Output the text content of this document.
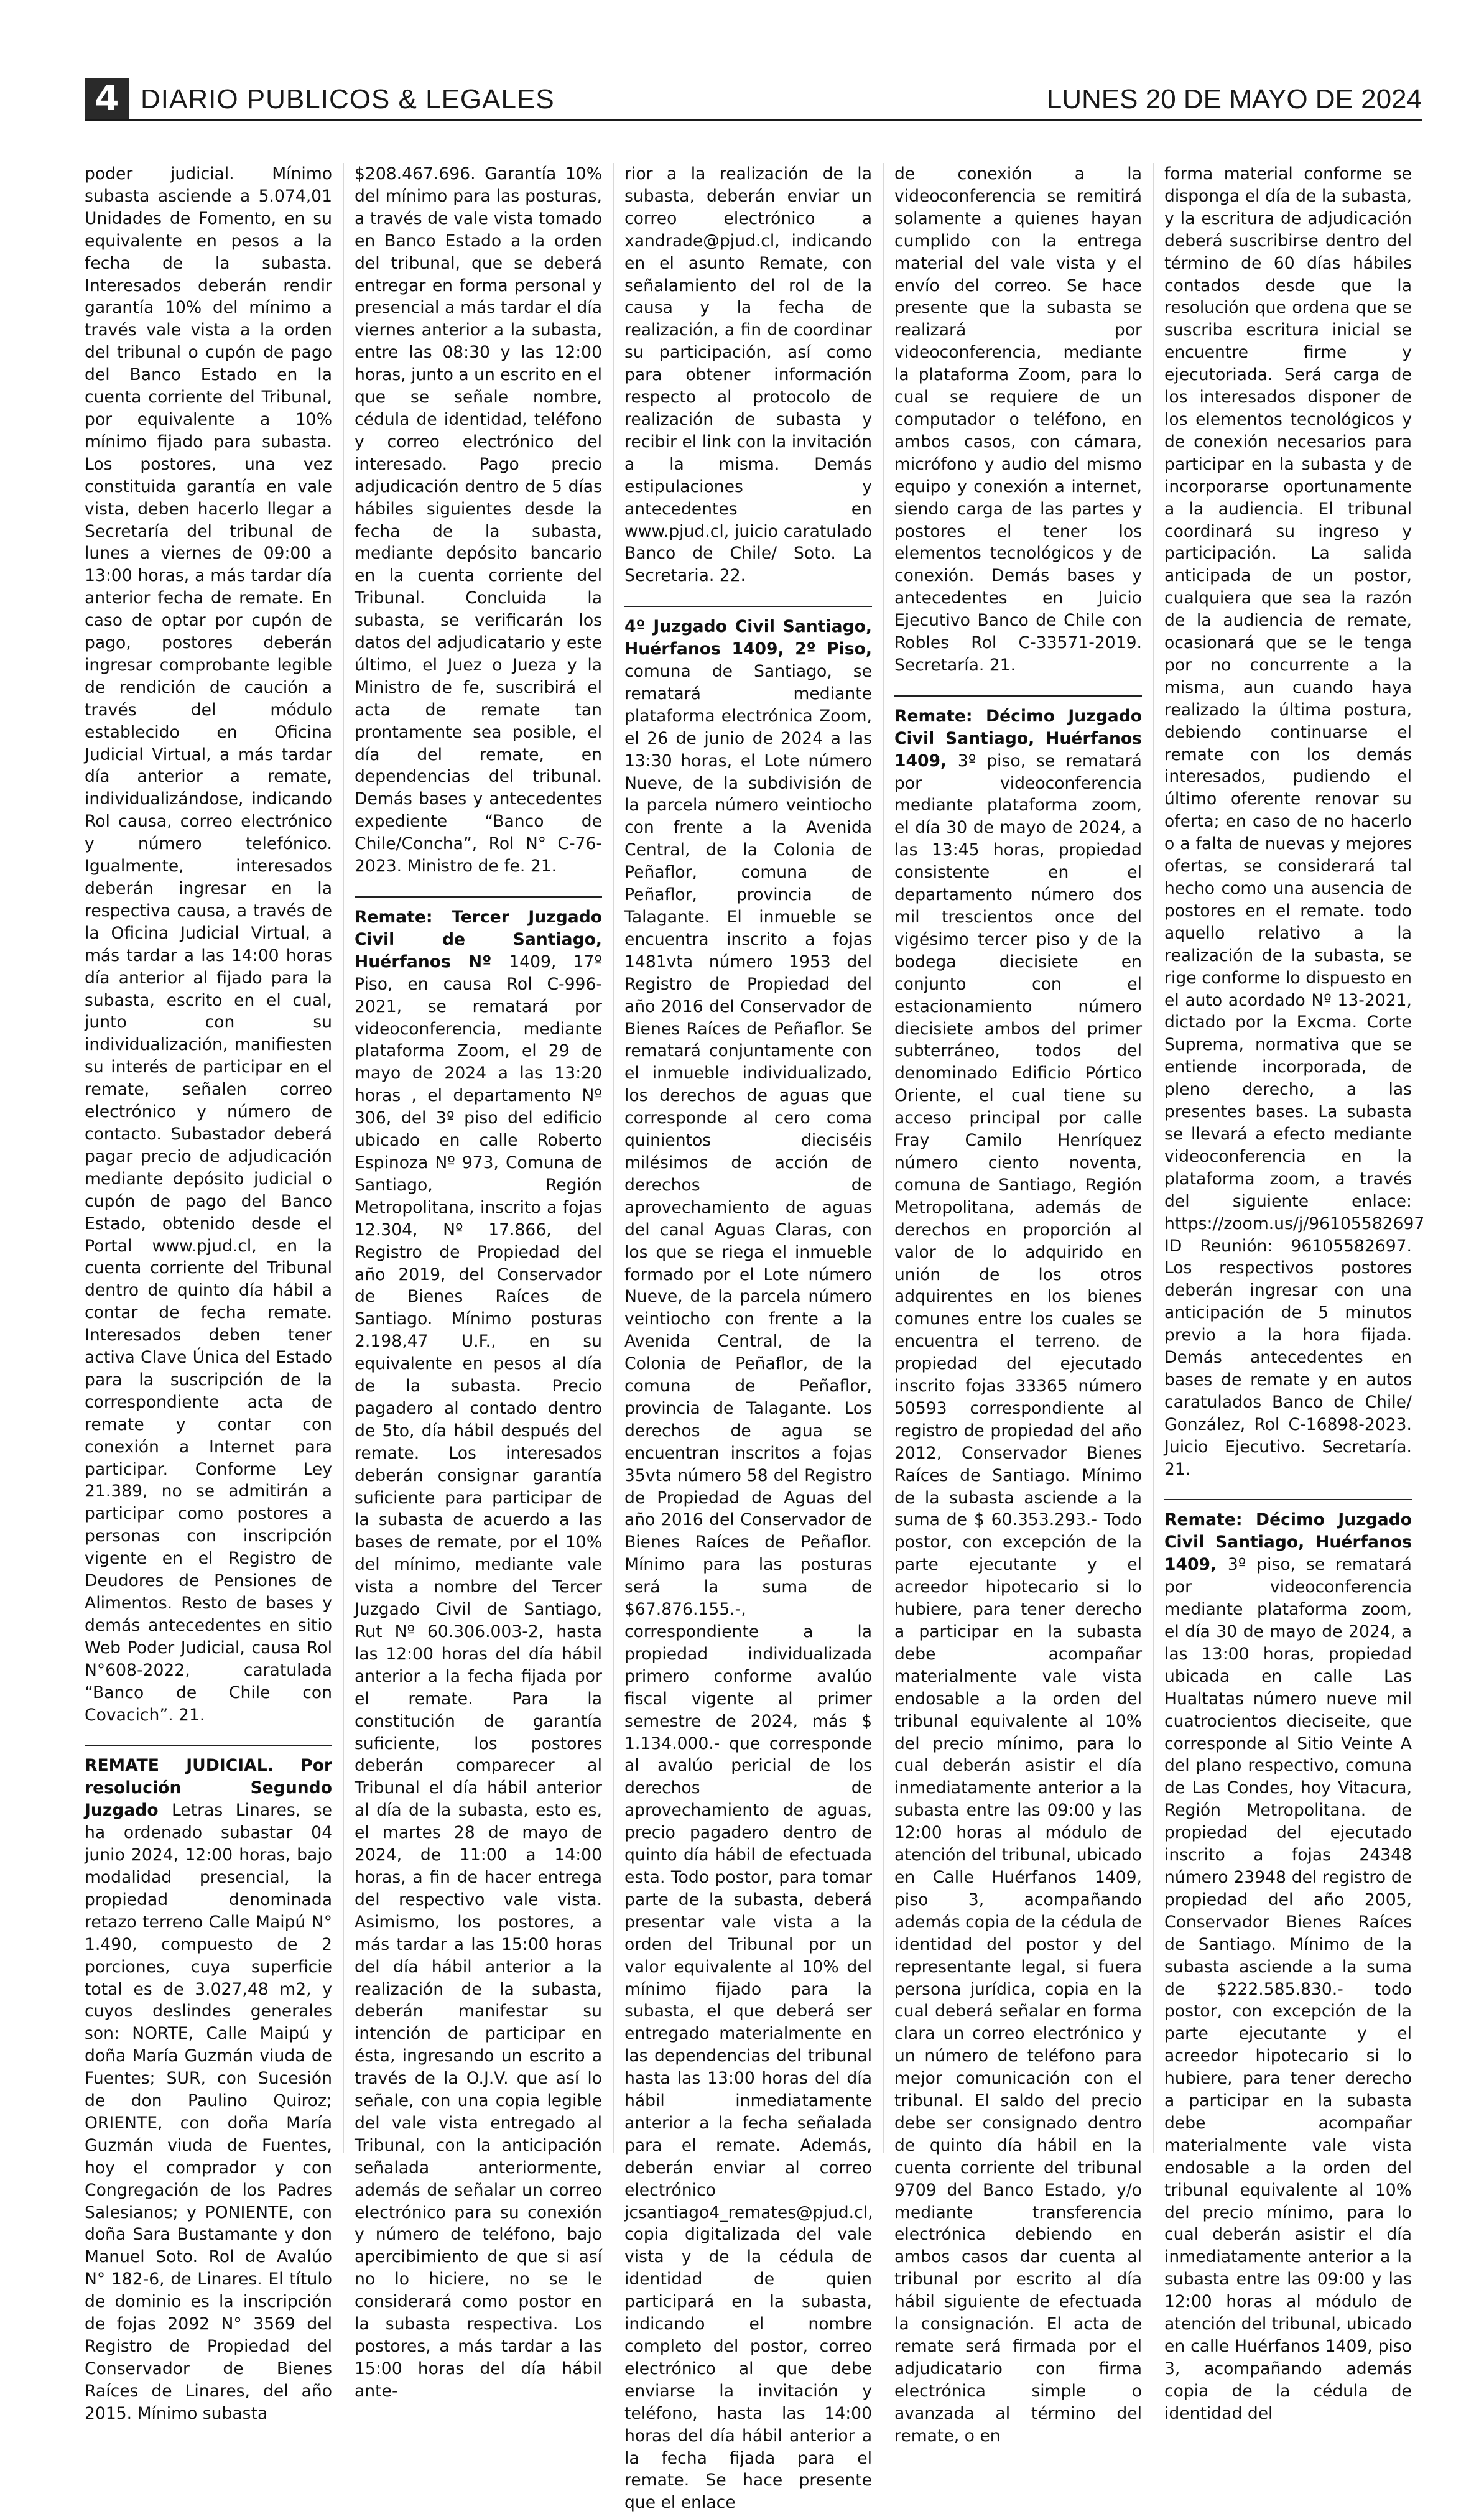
4 DIARIO PUBLICOS & LEGALES	LUNES 20 DE MAYO DE 2024

poder judicial. Mínimo subasta asciende a 5.074,01 Unidades de Fomento, en su equivalente en pesos a la fecha de la subasta. Interesados deberán rendir garantía 10% del mínimo a través vale vista a la orden del tribunal o cupón de pago del Banco Estado en la cuenta corriente del Tribunal, por equivalente a 10% mínimo fijado para subasta. Los postores, una vez constituida garantía en vale vista, deben hacerlo llegar a Secretaría del tribunal de lunes a viernes de 09:00 a 13:00 horas, a más tardar día anterior fecha de remate. En caso de optar por cupón de pago, postores deberán ingresar comprobante legible de rendición de caución a través del módulo establecido en Oficina Judicial Virtual, a más tardar día anterior a remate, individualizándose, indicando Rol causa, correo electrónico y número telefónico. Igualmente, interesados deberán ingresar en la respectiva causa, a través de la Oficina Judicial Virtual, a más tardar a las 14:00 horas día anterior al fijado para la subasta, escrito en el cual, junto con su individualización, manifiesten su interés de participar en el remate, señalen correo electrónico y número de contacto. Subastador deberá pagar precio de adjudicación mediante depósito judicial o cupón de pago del Banco Estado, obtenido desde el Portal www.pjud.cl, en la cuenta corriente del Tribunal dentro de quinto día hábil a contar de fecha remate. Interesados deben tener activa Clave Única del Estado para la suscripción de la correspondiente acta de remate y contar con conexión a Internet para participar. Conforme Ley 21.389, no se admitirán a participar como postores a personas con inscripción vigente en el Registro de Deudores de Pensiones de Alimentos. Resto de bases y demás antecedentes en sitio Web Poder Judicial, causa Rol N°608-2022, caratulada “Banco de Chile con Covacich”. 21.

REMATE JUDICIAL. Por resolución Segundo Juzgado Letras Linares, se ha ordenado subastar 04 junio 2024, 12:00 horas, bajo modalidad presencial, la propiedad denominada retazo terreno Calle Maipú N° 1.490, compuesto de 2 porciones, cuya superficie total es de 3.027,48 m2, y cuyos deslindes generales son: NORTE, Calle Maipú y doña María Guzmán viuda de Fuentes; SUR, con Sucesión de don Paulino Quiroz; ORIENTE, con doña María Guzmán viuda de Fuentes, hoy el comprador y con Congregación de los Padres Salesianos; y PONIENTE, con doña Sara Bustamante y don Manuel Soto. Rol de Avalúo N° 182-6, de Linares. El título de dominio es la inscripción de fojas 2092 N° 3569 del Registro de Propiedad del Conservador de Bienes Raíces de Linares, del año 2015. Mínimo subasta

$208.467.696. Garantía 10% del mínimo para las posturas, a través de vale vista tomado en Banco Estado a la orden del tribunal, que se deberá entregar en forma personal y presencial a más tardar el día viernes anterior a la subasta, entre las 08:30 y las 12:00 horas, junto a un escrito en el que se señale nombre, cédula de identidad, teléfono y correo electrónico del interesado. Pago precio adjudicación dentro de 5 días hábiles siguientes desde la fecha de la subasta, mediante depósito bancario en la cuenta corriente del Tribunal. Concluida la subasta, se verificarán los datos del adjudicatario y este último, el Juez o Jueza y la Ministro de fe, suscribirá el acta de remate tan prontamente sea posible, el día del remate, en dependencias del tribunal. Demás bases y antecedentes expediente “Banco de Chile/Concha”, Rol N° C-76-2023. Ministro de fe. 21.

Remate: Tercer Juzgado Civil de Santiago, Huérfanos Nº 1409, 17º Piso, en causa Rol C-996-2021, se rematará por videoconferencia, mediante plataforma Zoom, el 29 de mayo de 2024 a las 13:20 horas , el departamento Nº 306, del 3º piso del edificio ubicado en calle Roberto Espinoza Nº 973, Comuna de Santiago, Región Metropolitana, inscrito a fojas 12.304, Nº 17.866, del Registro de Propiedad del año 2019, del Conservador de Bienes Raíces de Santiago. Mínimo posturas 2.198,47 U.F., en su equivalente en pesos al día de la subasta. Precio pagadero al contado dentro de 5to, día hábil después del remate. Los interesados deberán consignar garantía suficiente para participar de la subasta de acuerdo a las bases de remate, por el 10% del mínimo, mediante vale vista a nombre del Tercer Juzgado Civil de Santiago, Rut Nº 60.306.003-2, hasta las 12:00 horas del día hábil anterior a la fecha fijada por el remate. Para la constitución de garantía suficiente, los postores deberán comparecer al Tribunal el día hábil anterior al día de la subasta, esto es, el martes 28 de mayo de 2024, de 11:00 a 14:00 horas, a fin de hacer entrega del respectivo vale vista. Asimismo, los postores, a más tardar a las 15:00 horas del día hábil anterior a la realización de la subasta, deberán manifestar su intención de participar en ésta, ingresando un escrito a través de la O.J.V. que así lo señale, con una copia legible del vale vista entregado al Tribunal, con la anticipación señalada anteriormente, además de señalar un correo electrónico para su conexión y número de teléfono, bajo apercibimiento de que si así no lo hiciere, no se le considerará como postor en la subasta respectiva. Los postores, a más tardar a las 15:00 horas del día hábil ante-

rior a la realización de la subasta, deberán enviar un correo electrónico a xandrade@pjud.cl, indicando en el asunto Remate, con señalamiento del rol de la causa y la fecha de realización, a fin de coordinar su participación, así como para obtener información respecto al protocolo de realización de subasta y recibir el link con la invitación a la misma. Demás estipulaciones y antecedentes en www.pjud.cl, juicio caratulado Banco de Chile/ Soto. La Secretaria. 22.

4º Juzgado Civil Santiago, Huérfanos 1409, 2º Piso, comuna de Santiago, se rematará mediante plataforma electrónica Zoom, el 26 de junio de 2024 a las 13:30 horas, el Lote número Nueve, de la subdivisión de la parcela número veintiocho con frente a la Avenida Central, de la Colonia de Peñaflor, comuna de Peñaflor, provincia de Talagante. El inmueble se encuentra inscrito a fojas 1481vta número 1953 del Registro de Propiedad del año 2016 del Conservador de Bienes Raíces de Peñaflor. Se rematará conjuntamente con el inmueble individualizado, los derechos de aguas que corresponde al cero coma quinientos dieciséis milésimos de acción de derechos de aprovechamiento de aguas del canal Aguas Claras, con los que se riega el inmueble formado por el Lote número Nueve, de la parcela número veintiocho con frente a la Avenida Central, de la Colonia de Peñaflor, de la comuna de Peñaflor, provincia de Talagante. Los derechos de agua se encuentran inscritos a fojas 35vta número 58 del Registro de Propiedad de Aguas del año 2016 del Conservador de Bienes Raíces de Peñaflor. Mínimo para las posturas será la suma de $67.876.155.-, correspondiente a la propiedad individualizada primero conforme avalúo fiscal vigente al primer semestre de 2024, más $ 1.134.000.- que corresponde al avalúo pericial de los derechos de aprovechamiento de aguas, precio pagadero dentro de quinto día hábil de efectuada esta. Todo postor, para tomar parte de la subasta, deberá presentar vale vista a la orden del Tribunal por un valor equivalente al 10% del mínimo fijado para la subasta, el que deberá ser entregado materialmente en las dependencias del tribunal hasta las 13:00 horas del día hábil inmediatamente anterior a la fecha señalada para el remate. Además, deberán enviar al correo electrónico jcsantiago4_remates@pjud.cl, copia digitalizada del vale vista y de la cédula de identidad de quien participará en la subasta, indicando el nombre completo del postor, correo electrónico al que debe enviarse la invitación y teléfono, hasta las 14:00 horas del día hábil anterior a la fecha fijada para el remate. Se hace presente que el enlace

de conexión a la videoconferencia se remitirá solamente a quienes hayan cumplido con la entrega material del vale vista y el envío del correo. Se hace presente que la subasta se realizará por videoconferencia, mediante la plataforma Zoom, para lo cual se requiere de un computador o teléfono, en ambos casos, con cámara, micrófono y audio del mismo equipo y conexión a internet, siendo carga de las partes y postores el tener los elementos tecnológicos y de conexión. Demás bases y antecedentes en Juicio Ejecutivo Banco de Chile con Robles Rol C-33571-2019. Secretaría. 21.

Remate: Décimo Juzgado Civil Santiago, Huérfanos 1409, 3º piso, se rematará por videoconferencia mediante plataforma zoom, el día 30 de mayo de 2024, a las 13:45 horas, propiedad consistente en el departamento número dos mil trescientos once del vigésimo tercer piso y de la bodega diecisiete en conjunto con el estacionamiento número diecisiete ambos del primer subterráneo, todos del denominado Edificio Pórtico Oriente, el cual tiene su acceso principal por calle Fray Camilo Henríquez número ciento noventa, comuna de Santiago, Región Metropolitana, además de derechos en proporción al valor de lo adquirido en unión de los otros adquirentes en los bienes comunes entre los cuales se encuentra el terreno. de propiedad del ejecutado inscrito fojas 33365 número 50593 correspondiente al registro de propiedad del año 2012, Conservador Bienes Raíces de Santiago. Mínimo de la subasta asciende a la suma de $ 60.353.293.- Todo postor, con excepción de la parte ejecutante y el acreedor hipotecario si lo hubiere, para tener derecho a participar en la subasta debe acompañar materialmente vale vista endosable a la orden del tribunal equivalente al 10% del precio mínimo, para lo cual deberán asistir el día inmediatamente anterior a la subasta entre las 09:00 y las 12:00 horas al módulo de atención del tribunal, ubicado en Calle Huérfanos 1409, piso 3, acompañando además copia de la cédula de identidad del postor y del representante legal, si fuera persona jurídica, copia en la cual deberá señalar en forma clara un correo electrónico y un número de teléfono para mejor comunicación con el tribunal. El saldo del precio debe ser consignado dentro de quinto día hábil en la cuenta corriente del tribunal 9709 del Banco Estado, y/o mediante transferencia electrónica debiendo en ambos casos dar cuenta al tribunal por escrito al día hábil siguiente de efectuada la consignación. El acta de remate será firmada por el adjudicatario con firma electrónica simple o avanzada al término del remate, o en

forma material conforme se disponga el día de la subasta, y la escritura de adjudicación deberá suscribirse dentro del término de 60 días hábiles contados desde que la resolución que ordena que se suscriba escritura inicial se encuentre firme y ejecutoriada. Será carga de los interesados disponer de los elementos tecnológicos y de conexión necesarios para participar en la subasta y de incorporarse oportunamente a la audiencia. El tribunal coordinará su ingreso y participación. La salida anticipada de un postor, cualquiera que sea la razón de la audiencia de remate, ocasionará que se le tenga por no concurrente a la misma, aun cuando haya realizado la última postura, debiendo continuarse el remate con los demás interesados, pudiendo el último oferente renovar su oferta; en caso de no hacerlo o a falta de nuevas y mejores ofertas, se considerará tal hecho como una ausencia de postores en el remate. todo aquello relativo a la realización de la subasta, se rige conforme lo dispuesto en el auto acordado Nº 13-2021, dictado por la Excma. Corte Suprema, normativa que se entiende incorporada, de pleno derecho, a las presentes bases. La subasta se llevará a efecto mediante videoconferencia en la plataforma zoom, a través del siguiente enlace: https://zoom.us/j/96105582697 ID Reunión: 96105582697. Los respectivos postores deberán ingresar con una anticipación de 5 minutos previo a la hora fijada. Demás antecedentes en bases de remate y en autos caratulados Banco de Chile/ González, Rol C-16898-2023. Juicio Ejecutivo. Secretaría. 21.

Remate: Décimo Juzgado Civil Santiago, Huérfanos 1409, 3º piso, se rematará por videoconferencia mediante plataforma zoom, el día 30 de mayo de 2024, a las 13:00 horas, propiedad ubicada en calle Las Hualtatas número nueve mil cuatrocientos dieciseite, que corresponde al Sitio Veinte A del plano respectivo, comuna de Las Condes, hoy Vitacura, Región Metropolitana. de propiedad del ejecutado inscrito a fojas 24348 número 23948 del registro de propiedad del año 2005, Conservador Bienes Raíces de Santiago. Mínimo de la subasta asciende a la suma de $222.585.830.- todo postor, con excepción de la parte ejecutante y el acreedor hipotecario si lo hubiere, para tener derecho a participar en la subasta debe acompañar materialmente vale vista endosable a la orden del tribunal equivalente al 10% del precio mínimo, para lo cual deberán asistir el día inmediatamente anterior a la subasta entre las 09:00 y las 12:00 horas al módulo de atención del tribunal, ubicado en calle Huérfanos 1409, piso 3, acompañando además copia de la cédula de identidad del
